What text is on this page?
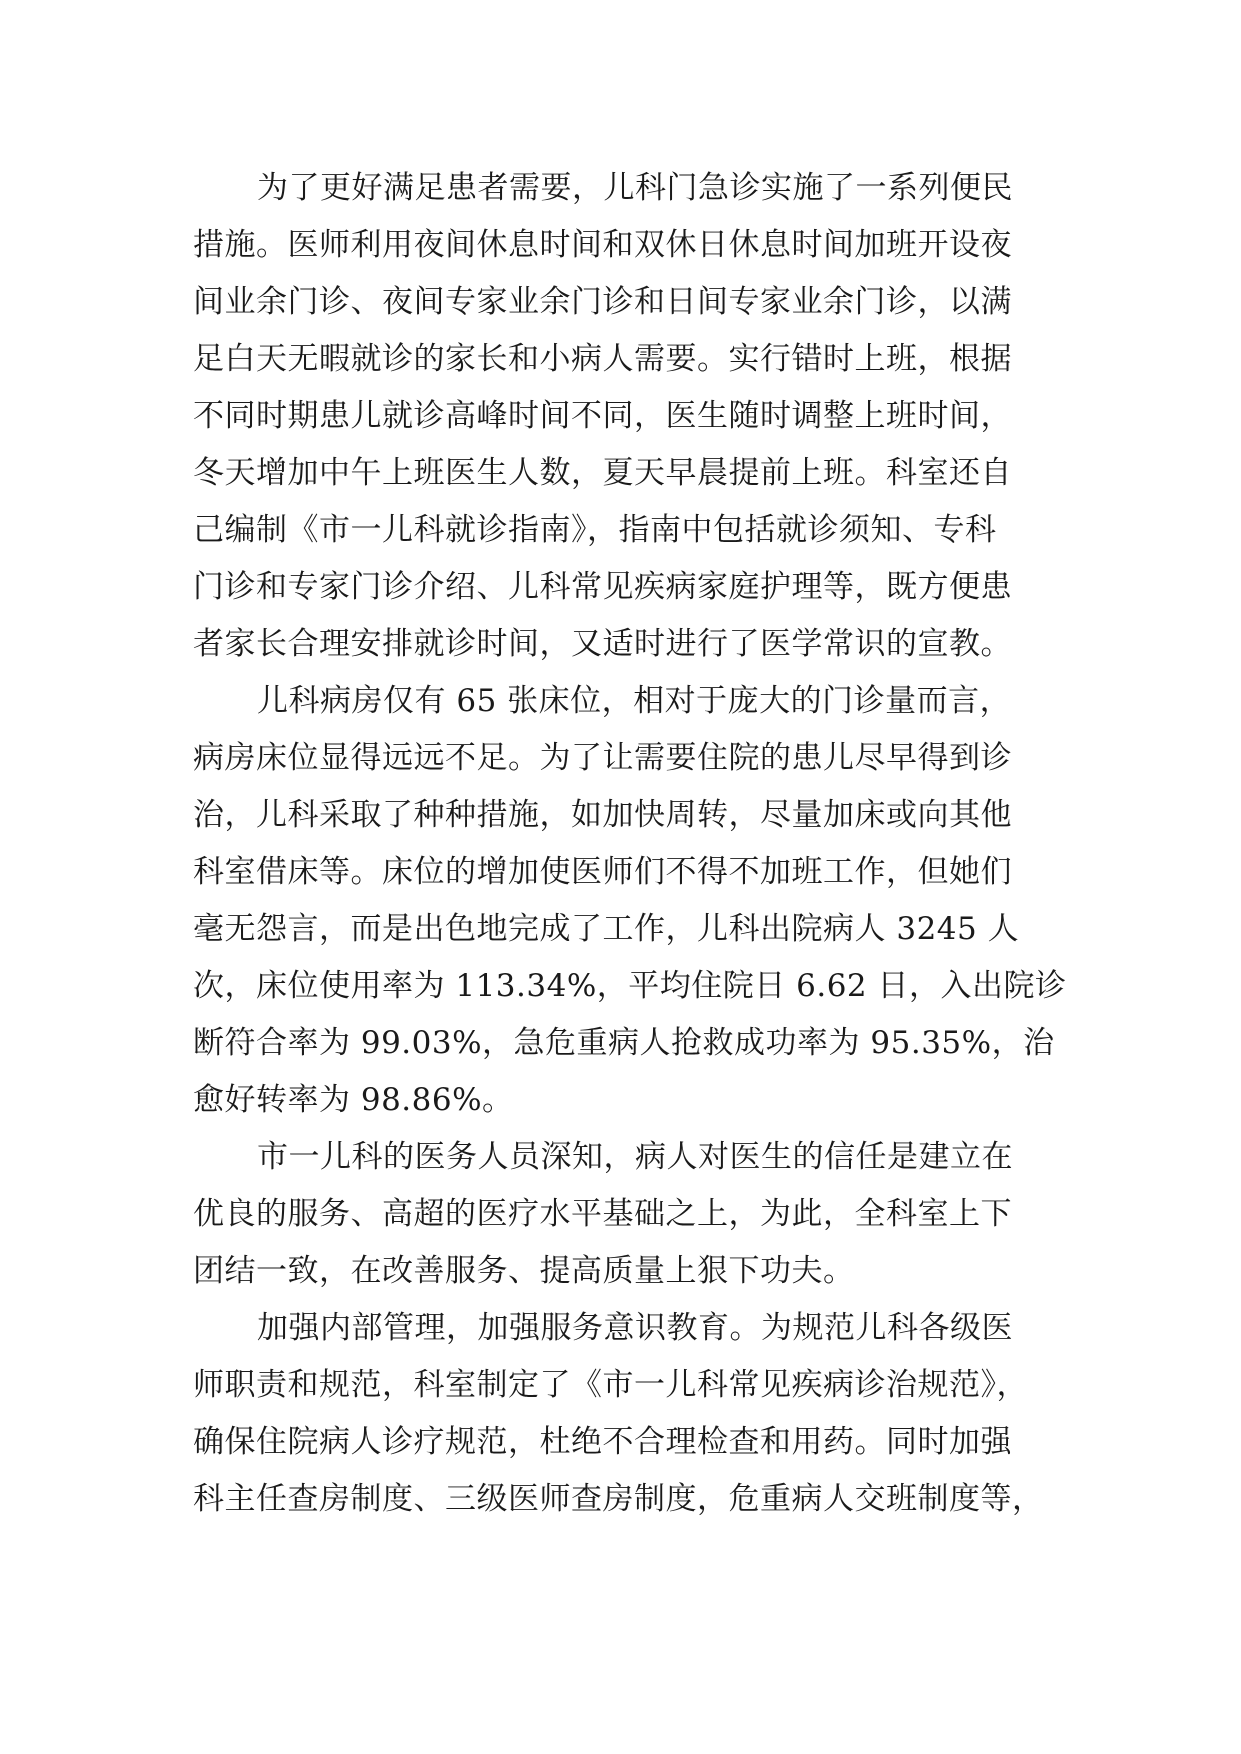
为了更好满足患者需要，儿科门急诊实施了一系列便民
措施。医师利用夜间休息时间和双休日休息时间加班开设夜
间业余门诊、夜间专家业余门诊和日间专家业余门诊，以满
足白天无暇就诊的家长和小病人需要。实行错时上班，根据
不同时期患儿就诊高峰时间不同，医生随时调整上班时间，
冬天增加中午上班医生人数，夏天早晨提前上班。科室还自
己编制《市一儿科就诊指南》，指南中包括就诊须知、专科
门诊和专家门诊介绍、儿科常见疾病家庭护理等，既方便患
者家长合理安排就诊时间，又适时进行了医学常识的宣教。
儿科病房仅有 65 张床位，相对于庞大的门诊量而言，
病房床位显得远远不足。为了让需要住院的患儿尽早得到诊
治，儿科采取了种种措施，如加快周转，尽量加床或向其他
科室借床等。床位的增加使医师们不得不加班工作，但她们
毫无怨言，而是出色地完成了工作，儿科出院病人 3245 人
次，床位使用率为 113.34%，平均住院日 6.62 日，入出院诊
断符合率为 99.03%，急危重病人抢救成功率为 95.35%，治
愈好转率为 98.86%。
市一儿科的医务人员深知，病人对医生的信任是建立在
优良的服务、高超的医疗水平基础之上，为此，全科室上下
团结一致，在改善服务、提高质量上狠下功夫。
加强内部管理，加强服务意识教育。为规范儿科各级医
师职责和规范，科室制定了《市一儿科常见疾病诊治规范》，
确保住院病人诊疗规范，杜绝不合理检查和用药。同时加强
科主任查房制度、三级医师查房制度，危重病人交班制度等，
